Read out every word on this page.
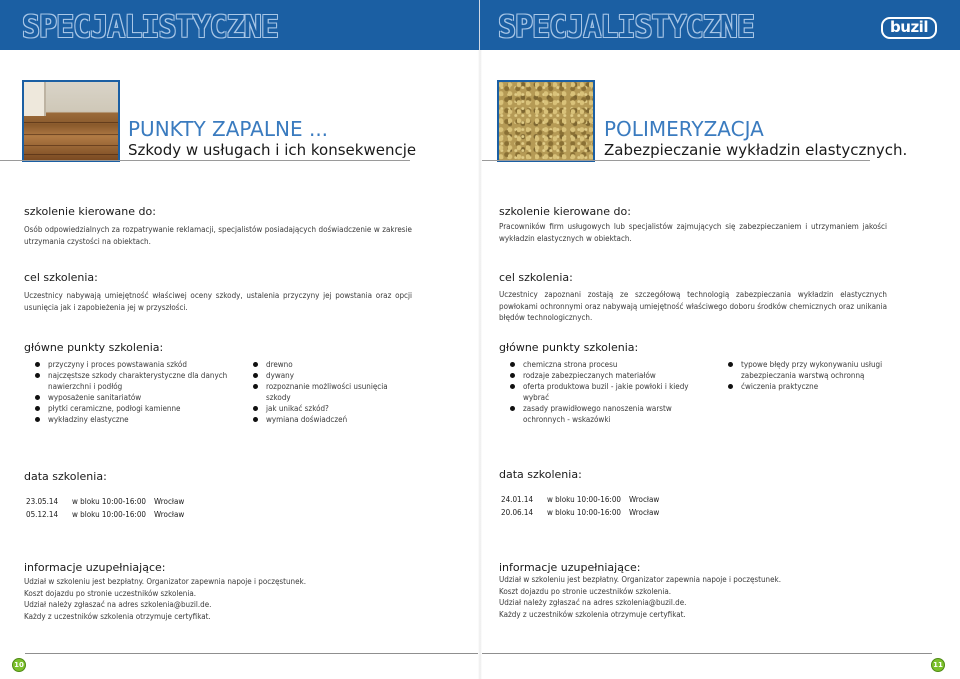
SPECJALISTYCZNE
PUNKTY ZAPALNE ...
Szkody w usługach i ich konsekwencje
szkolenie kierowane do:
Osób odpowiedzialnych za rozpatrywanie reklamacji, specjalistów posiadających doświadczenie w zakresie utrzymania czystości na obiektach.
cel szkolenia:
Uczestnicy nabywają umiejętność właściwej oceny szkody, ustalenia przyczyny jej powstania oraz opcji usunięcia jak i zapobieżenia jej w przyszłości.
główne punkty szkolenia:
przyczyny i proces powstawania szkód
najczęstsze szkody charakterystyczne dla danych nawierzchni i podłóg
wyposażenie sanitariatów
płytki ceramiczne, podłogi kamienne
wykładziny elastyczne
drewno
dywany
rozpoznanie możliwości usunięcia szkody
jak unikać szkód?
wymiana doświadczeń
data szkolenia:
23.05.14	w bloku 10:00-16:00	Wrocław
05.12.14	w bloku 10:00-16:00	Wrocław
informacje uzupełniające:
Udział w szkoleniu jest bezpłatny. Organizator zapewnia napoje i poczęstunek.
Koszt dojazdu po stronie uczestników szkolenia.
Udział należy zgłaszać na adres szkolenia@buzil.de.
Każdy z uczestników szkolenia otrzymuje certyfikat.
10
SPECJALISTYCZNE	buzil
POLIMERYZACJA
Zabezpieczanie wykładzin elastycznych.
szkolenie kierowane do:
Pracowników firm usługowych lub specjalistów zajmujących się zabezpieczaniem i utrzymaniem jakości wykładzin elastycznych w obiektach.
cel szkolenia:
Uczestnicy zapoznani zostają ze szczegółową technologią zabezpieczania wykładzin elastycznych powłokami ochronnymi oraz nabywają umiejętność właściwego doboru środków chemicznych oraz unikania błędów technologicznych.
główne punkty szkolenia:
chemiczna strona procesu
rodzaje zabezpieczanych materiałów
oferta produktowa buzil - jakie powłoki i kiedy wybrać
zasady prawidłowego nanoszenia warstw ochronnych - wskazówki
typowe błędy przy wykonywaniu usługi zabezpieczania warstwą ochronną
ćwiczenia praktyczne
data szkolenia:
24.01.14	w bloku 10:00-16:00	Wrocław
20.06.14	w bloku 10:00-16:00	Wrocław
informacje uzupełniające:
Udział w szkoleniu jest bezpłatny. Organizator zapewnia napoje i poczęstunek.
Koszt dojazdu po stronie uczestników szkolenia.
Udział należy zgłaszać na adres szkolenia@buzil.de.
Każdy z uczestników szkolenia otrzymuje certyfikat.
11
